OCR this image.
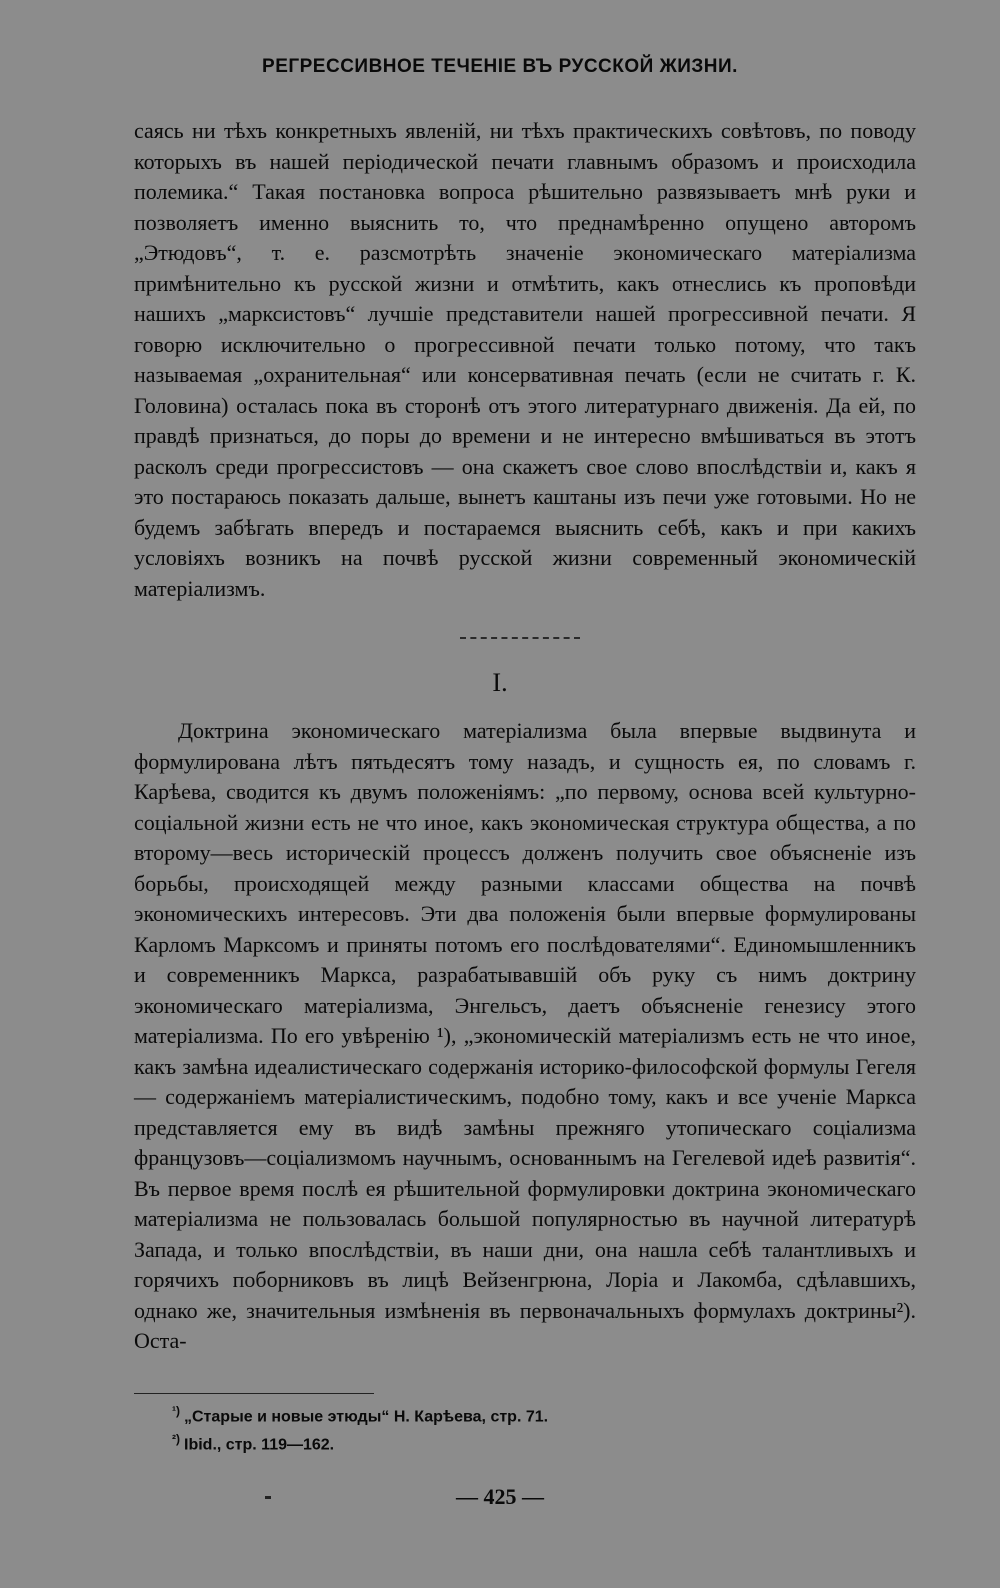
РЕГРЕССИВНОЕ ТЕЧЕНІЕ ВЪ РУССКОЙ ЖИЗНИ.

саясь ни тѣхъ конкретныхъ явленій, ни тѣхъ практическихъ совѣтовъ, по поводу которыхъ въ нашей періодической печати главнымъ образомъ и происходила полемика.“ Такая постановка вопроса рѣшительно развязываетъ мнѣ руки и позволяетъ именно выяснить то, что преднамѣренно опущено авторомъ „Этюдовъ“, т. е. разсмотрѣть значеніе экономическаго матеріализма примѣнительно къ русской жизни и отмѣтить, какъ отнеслись къ проповѣди нашихъ „марксистовъ“ лучшіе представители нашей прогрессивной печати. Я говорю исключительно о прогрессивной печати только потому, что такъ называемая „охранительная“ или консервативная печать (если не считать г. К. Головина) осталась пока въ сторонѣ отъ этого литературнаго движенія. Да ей, по правдѣ признаться, до поры до времени и не интересно вмѣшиваться въ этотъ расколъ среди прогрессистовъ — она скажетъ свое слово впослѣдствіи и, какъ я это постараюсь показать дальше, вынетъ каштаны изъ печи уже готовыми. Но не будемъ забѣгать впередъ и постараемся выяснить себѣ, какъ и при какихъ условіяхъ возникъ на почвѣ русской жизни современный экономическій матеріализмъ.

I.

Доктрина экономическаго матеріализма была впервые выдвинута и формулирована лѣтъ пятьдесятъ тому назадъ, и сущность ея, по словамъ г. Карѣева, сводится къ двумъ положеніямъ: „по первому, основа всей культурно-соціальной жизни есть не что иное, какъ экономическая структура общества, а по второму—весь историческій процессъ долженъ получить свое объясненіе изъ борьбы, происходящей между разными классами общества на почвѣ экономическихъ интересовъ. Эти два положенія были впервые формулированы Карломъ Марксомъ и приняты потомъ его послѣдователями“. Единомышленникъ и современникъ Маркса, разрабатывавшій объ руку съ нимъ доктрину экономическаго матеріализма, Энгельсъ, даетъ объясненіе генезису этого матеріализма. По его увѣренію ¹), „экономическій матеріализмъ есть не что иное, какъ замѣна идеалистическаго содержанія историко-философской формулы Гегеля — содержаніемъ матеріалистическимъ, подобно тому, какъ и все ученіе Маркса представляется ему въ видѣ замѣны прежняго утопическаго соціализма французовъ—соціализмомъ научнымъ, основаннымъ на Гегелевой идеѣ развитія“. Въ первое время послѣ ея рѣшительной формулировки доктрина экономическаго матеріализма не пользовалась большой популярностью въ научной литературѣ Запада, и только впослѣдствіи, въ наши дни, она нашла себѣ талантливыхъ и горячихъ поборниковъ въ лицѣ Вейзенгрюна, Лоріа и Лакомба, сдѣлавшихъ, однако же, значительныя измѣненія въ первоначальныхъ формулахъ доктрины²). Оста-

$^{^1)}$ „Старые и новые этюды“ Н. Карѣева, стр. 71.
$^{^2)}$ Ibid., стр. 119—162.
— 425 —
